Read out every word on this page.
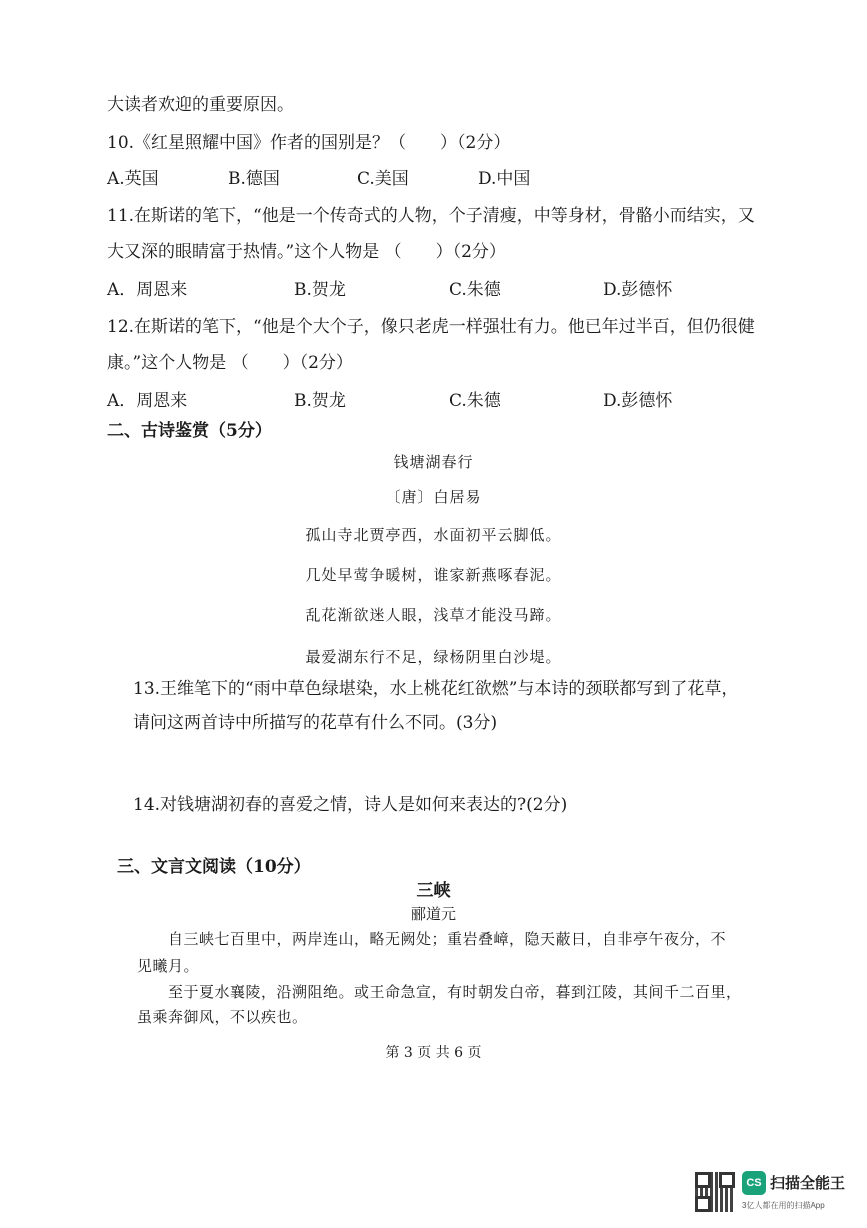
大读者欢迎的重要原因。
10.《红星照耀中国》作者的国别是？（　　）（2分）
A.英国	B.德国	C.美国	D.中国
11.在斯诺的笔下，“他是一个传奇式的人物，个子清瘦，中等身材，骨骼小而结实，又
大又深的眼睛富于热情。”这个人物是 （　　）（2分）
A．周恩来	B.贺龙	C.朱德	D.彭德怀
12.在斯诺的笔下，“他是个大个子，像只老虎一样强壮有力。他已年过半百，但仍很健
康。”这个人物是 （　　）（2分）
A．周恩来	B.贺龙	C.朱德	D.彭德怀
二、古诗鉴赏（5分）
钱塘湖春行
〔唐〕白居易
孤山寺北贾亭西，水面初平云脚低。
几处早莺争暖树，谁家新燕啄春泥。
乱花渐欲迷人眼，浅草才能没马蹄。
最爱湖东行不足，绿杨阴里白沙堤。
13.王维笔下的“雨中草色绿堪染，水上桃花红欲燃”与本诗的颈联都写到了花草，
请问这两首诗中所描写的花草有什么不同。(3分)
14.对钱塘湖初春的喜爱之情，诗人是如何来表达的?(2分)
三、文言文阅读（10分）
三峡
郦道元
自三峡七百里中，两岸连山，略无阙处；重岩叠嶂，隐天蔽日，自非亭午夜分，不
见曦月。
至于夏水襄陵，沿溯阻绝。或王命急宣，有时朝发白帝，暮到江陵，其间千二百里，
虽乘奔御风，不以疾也。
第 3 页 共 6 页
CS 扫描全能王
3亿人都在用的扫描App
